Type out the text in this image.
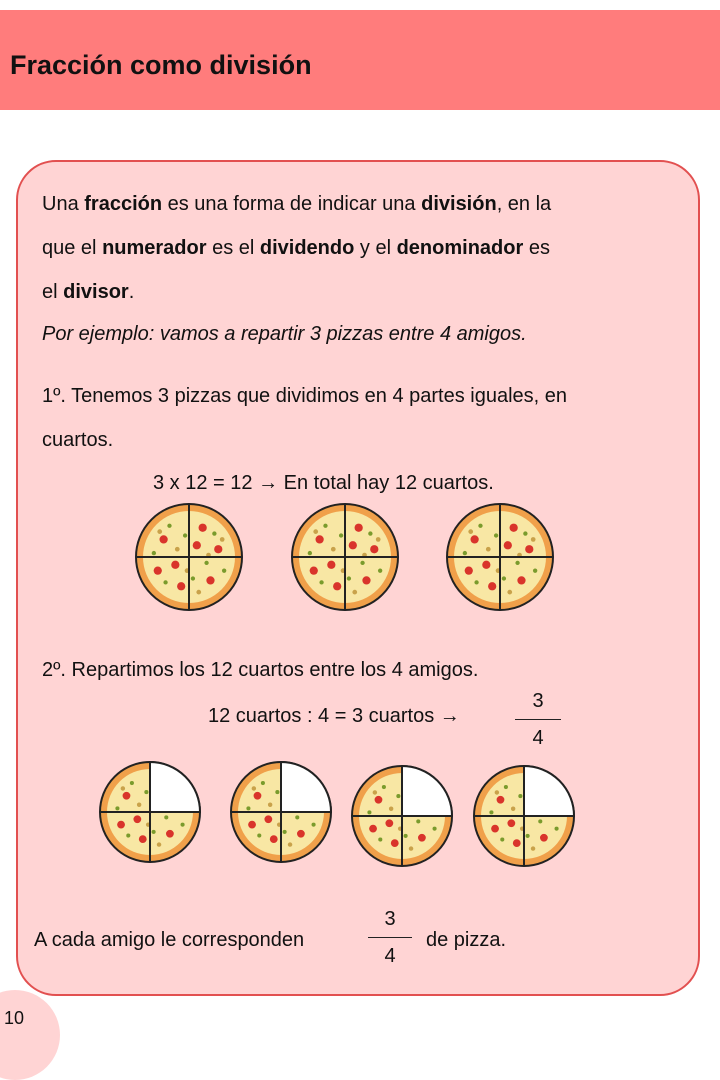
Fracción como división
Una fracción es una forma de indicar una división, en la
que el numerador es el dividendo y el denominador es
el divisor.
Por ejemplo: vamos a repartir 3 pizzas entre 4 amigos.
1º. Tenemos 3 pizzas que dividimos en 4 partes iguales, en
cuartos.
3 x 12 = 12 → En total hay 12 cuartos.
2º. Repartimos los 12 cuartos entre los 4 amigos.
12 cuartos : 4 = 3 cuartos →
3
4
A cada amigo le corresponden
3
4
de pizza.
10
